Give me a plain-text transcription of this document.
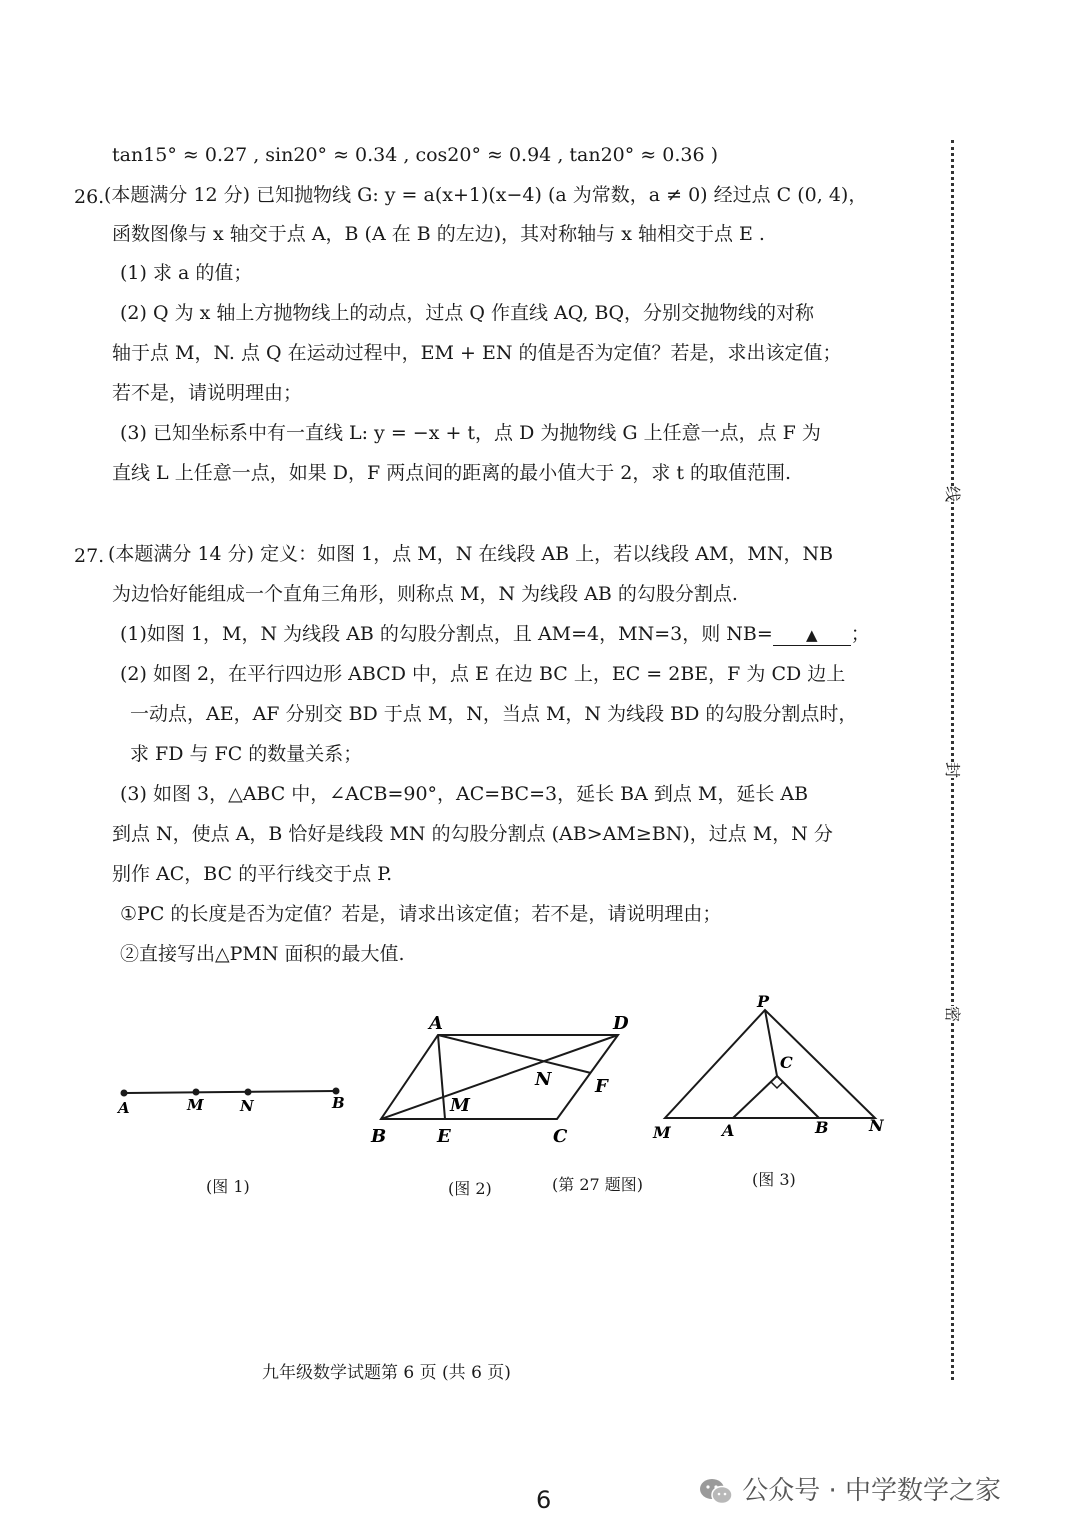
tan15° ≈ 0.27 , sin20° ≈ 0.34 , cos20° ≈ 0.94 , tan20° ≈ 0.36 )
26. (本题满分 12 分) 已知抛物线 G: y = a(x+1)(x−4) (a 为常数，a ≠ 0) 经过点 C (0, 4)，
函数图像与 x 轴交于点 A，B (A 在 B 的左边)，其对称轴与 x 轴相交于点 E .
(1) 求 a 的值；
(2) Q 为 x 轴上方抛物线上的动点，过点 Q 作直线 AQ, BQ，分别交抛物线的对称
轴于点 M，N. 点 Q 在运动过程中，EM + EN 的值是否为定值？若是，求出该定值；
若不是，请说明理由；
(3) 已知坐标系中有一直线 L: y = −x + t，点 D 为抛物线 G 上任意一点，点 F 为
直线 L 上任意一点，如果 D，F 两点间的距离的最小值大于 2，求 t 的取值范围.
27. (本题满分 14 分) 定义：如图 1，点 M，N 在线段 AB 上，若以线段 AM，MN，NB
为边恰好能组成一个直角三角形，则称点 M，N 为线段 AB 的勾股分割点.
(1)如图 1，M，N 为线段 AB 的勾股分割点，且 AM=4，MN=3，则 NB= ▲ ；
(2) 如图 2，在平行四边形 ABCD 中，点 E 在边 BC 上，EC = 2BE，F 为 CD 边上
一动点，AE，AF 分别交 BD 于点 M，N，当点 M，N 为线段 BD 的勾股分割点时，
求 FD 与 FC 的数量关系；
(3) 如图 3，△ABC 中，∠ACB=90°，AC=BC=3，延长 BA 到点 M，延长 AB
到点 N，使点 A，B 恰好是线段 MN 的勾股分割点 (AB>AM≥BN)，过点 M，N 分
别作 AC，BC 的平行线交于点 P.
①PC 的长度是否为定值？若是，请求出该定值；若不是，请说明理由；
②直接写出△PMN 面积的最大值.
A	M N	B
A	D
N F
M
B	E	C
P
C
M	A	B	N
(图 1)	(图 2)	(第 27 题图)	(图 3)
线
封
密
九年级数学试题第 6 页 (共 6 页)
6	公众号 · 中学数学之家
